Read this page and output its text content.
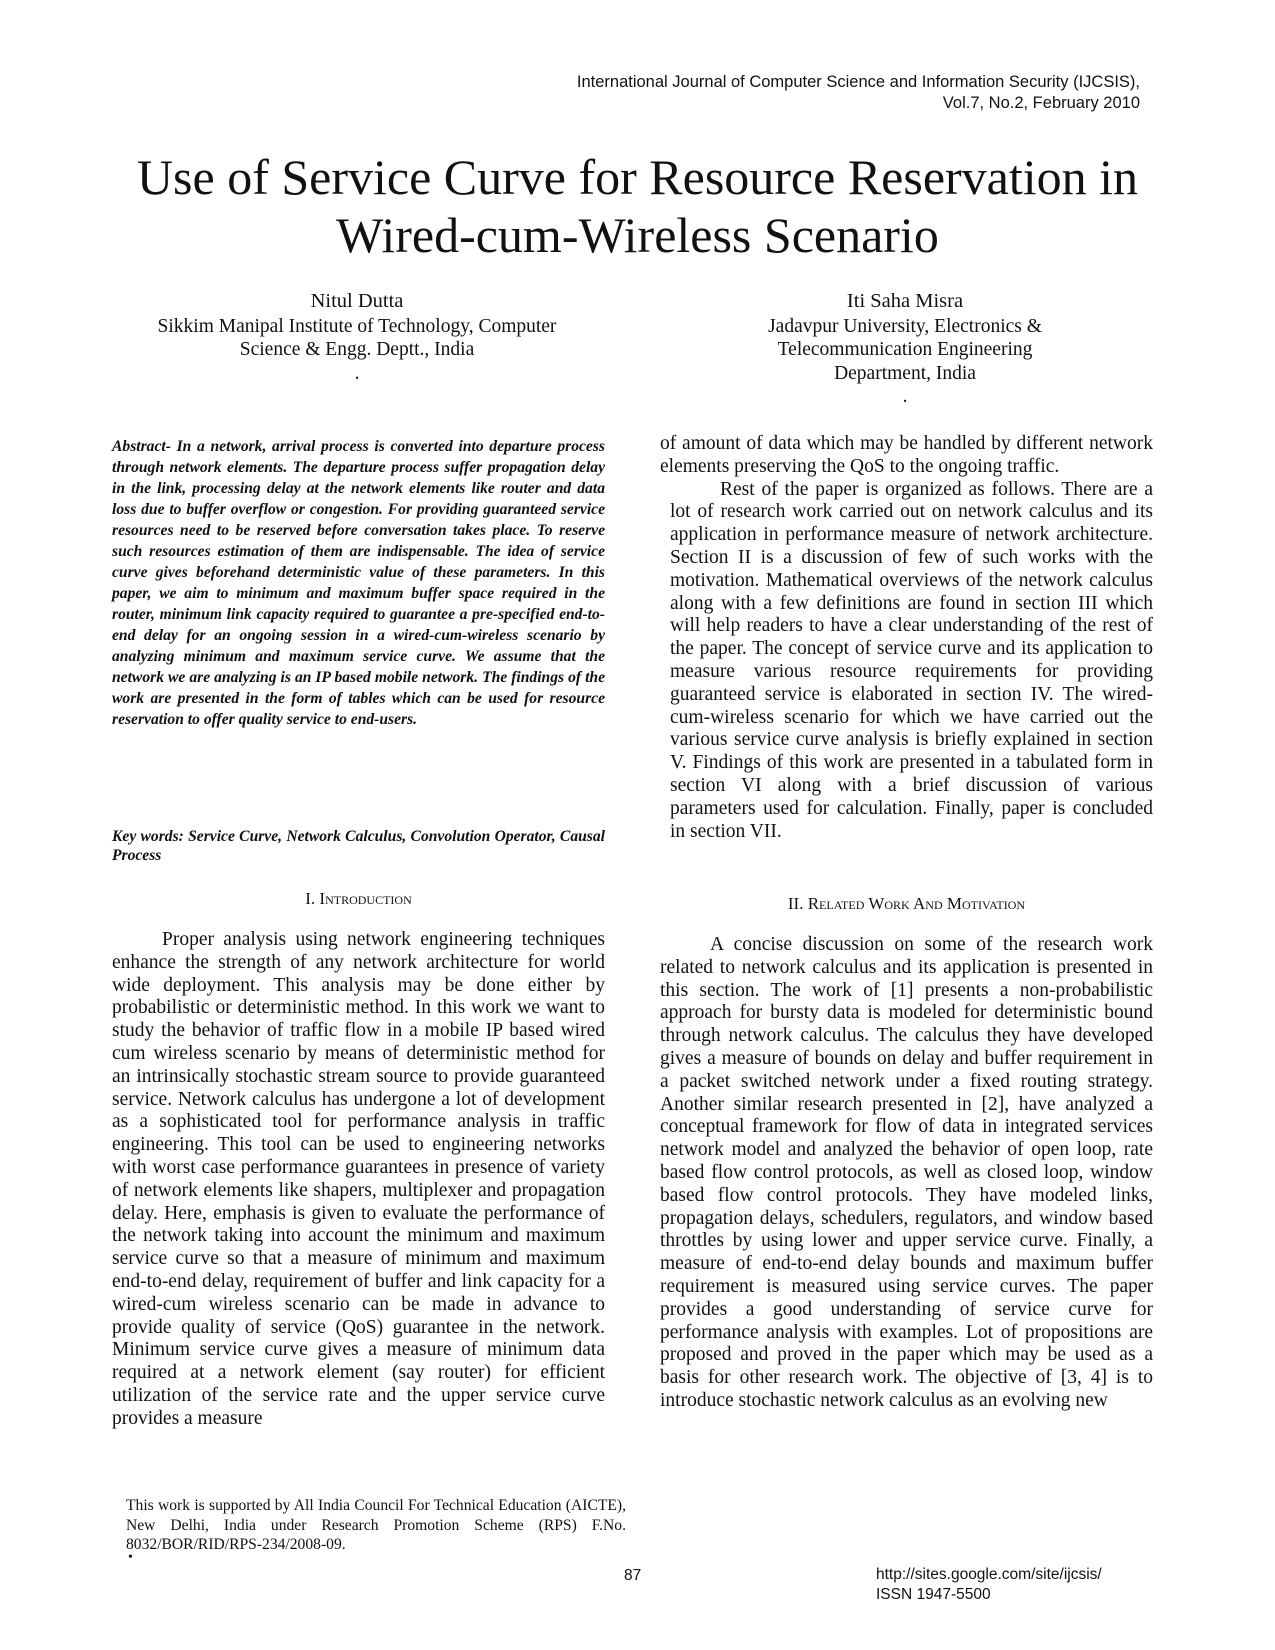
International Journal of Computer Science and Information Security (IJCSIS),
Vol.7, No.2, February 2010
Use of Service Curve for Resource Reservation in
Wired-cum-Wireless Scenario
Nitul Dutta
Sikkim Manipal Institute of Technology, Computer
Science & Engg. Deptt., India
.
Iti Saha Misra
Jadavpur University, Electronics &
Telecommunication Engineering
Department, India
.

Abstract- In a network, arrival process is converted into departure process through network elements. The departure process suffer propagation delay in the link, processing delay at the network elements like router and data loss due to buffer overflow or congestion. For providing guaranteed service resources need to be reserved before conversation takes place. To reserve such resources estimation of them are indispensable. The idea of service curve gives beforehand deterministic value of these parameters. In this paper, we aim to minimum and maximum buffer space required in the router, minimum link capacity required to guarantee a pre-specified end-to-end delay for an ongoing session in a wired-cum-wireless scenario by analyzing minimum and maximum service curve. We assume that the network we are analyzing is an IP based mobile network. The findings of the work are presented in the form of tables which can be used for resource reservation to offer quality service to end-users.

Key words: Service Curve, Network Calculus, Convolution Operator, Causal Process

I. Introduction

Proper analysis using network engineering techniques enhance the strength of any network architecture for world wide deployment. This analysis may be done either by probabilistic or deterministic method. In this work we want to study the behavior of traffic flow in a mobile IP based wired cum wireless scenario by means of deterministic method for an intrinsically stochastic stream source to provide guaranteed service. Network calculus has undergone a lot of development as a sophisticated tool for performance analysis in traffic engineering. This tool can be used to engineering networks with worst case performance guarantees in presence of variety of network elements like shapers, multiplexer and propagation delay. Here, emphasis is given to evaluate the performance of the network taking into account the minimum and maximum service curve so that a measure of minimum and maximum end-to-end delay, requirement of buffer and link capacity for a wired-cum wireless scenario can be made in advance to provide quality of service (QoS) guarantee in the network. Minimum service curve gives a measure of minimum data required at a network element (say router) for efficient utilization of the service rate and the upper service curve provides a measure

of amount of data which may be handled by different network elements preserving the QoS to the ongoing traffic.

Rest of the paper is organized as follows. There are a lot of research work carried out on network calculus and its application in performance measure of network architecture. Section II is a discussion of few of such works with the motivation. Mathematical overviews of the network calculus along with a few definitions are found in section III which will help readers to have a clear understanding of the rest of the paper. The concept of service curve and its application to measure various resource requirements for providing guaranteed service is elaborated in section IV. The wired-cum-wireless scenario for which we have carried out the various service curve analysis is briefly explained in section V. Findings of this work are presented in a tabulated form in section VI along with a brief discussion of various parameters used for calculation. Finally, paper is concluded in section VII.

II. Related Work And Motivation

A concise discussion on some of the research work related to network calculus and its application is presented in this section. The work of [1] presents a non-probabilistic approach for bursty data is modeled for deterministic bound through network calculus. The calculus they have developed gives a measure of bounds on delay and buffer requirement in a packet switched network under a fixed routing strategy. Another similar research presented in [2], have analyzed a conceptual framework for flow of data in integrated services network model and analyzed the behavior of open loop, rate based flow control protocols, as well as closed loop, window based flow control protocols. They have modeled links, propagation delays, schedulers, regulators, and window based throttles by using lower and upper service curve. Finally, a measure of end-to-end delay bounds and maximum buffer requirement is measured using service curves. The paper provides a good understanding of service curve for performance analysis with examples. Lot of propositions are proposed and proved in the paper which may be used as a basis for other research work. The objective of [3, 4] is to introduce stochastic network calculus as an evolving new

This work is supported by All India Council For Technical Education (AICTE), New Delhi, India under Research Promotion Scheme (RPS) F.No. 8032/BOR/RID/RPS-234/2008-09.

•
87	http://sites.google.com/site/ijcsis/
ISSN 1947-5500
